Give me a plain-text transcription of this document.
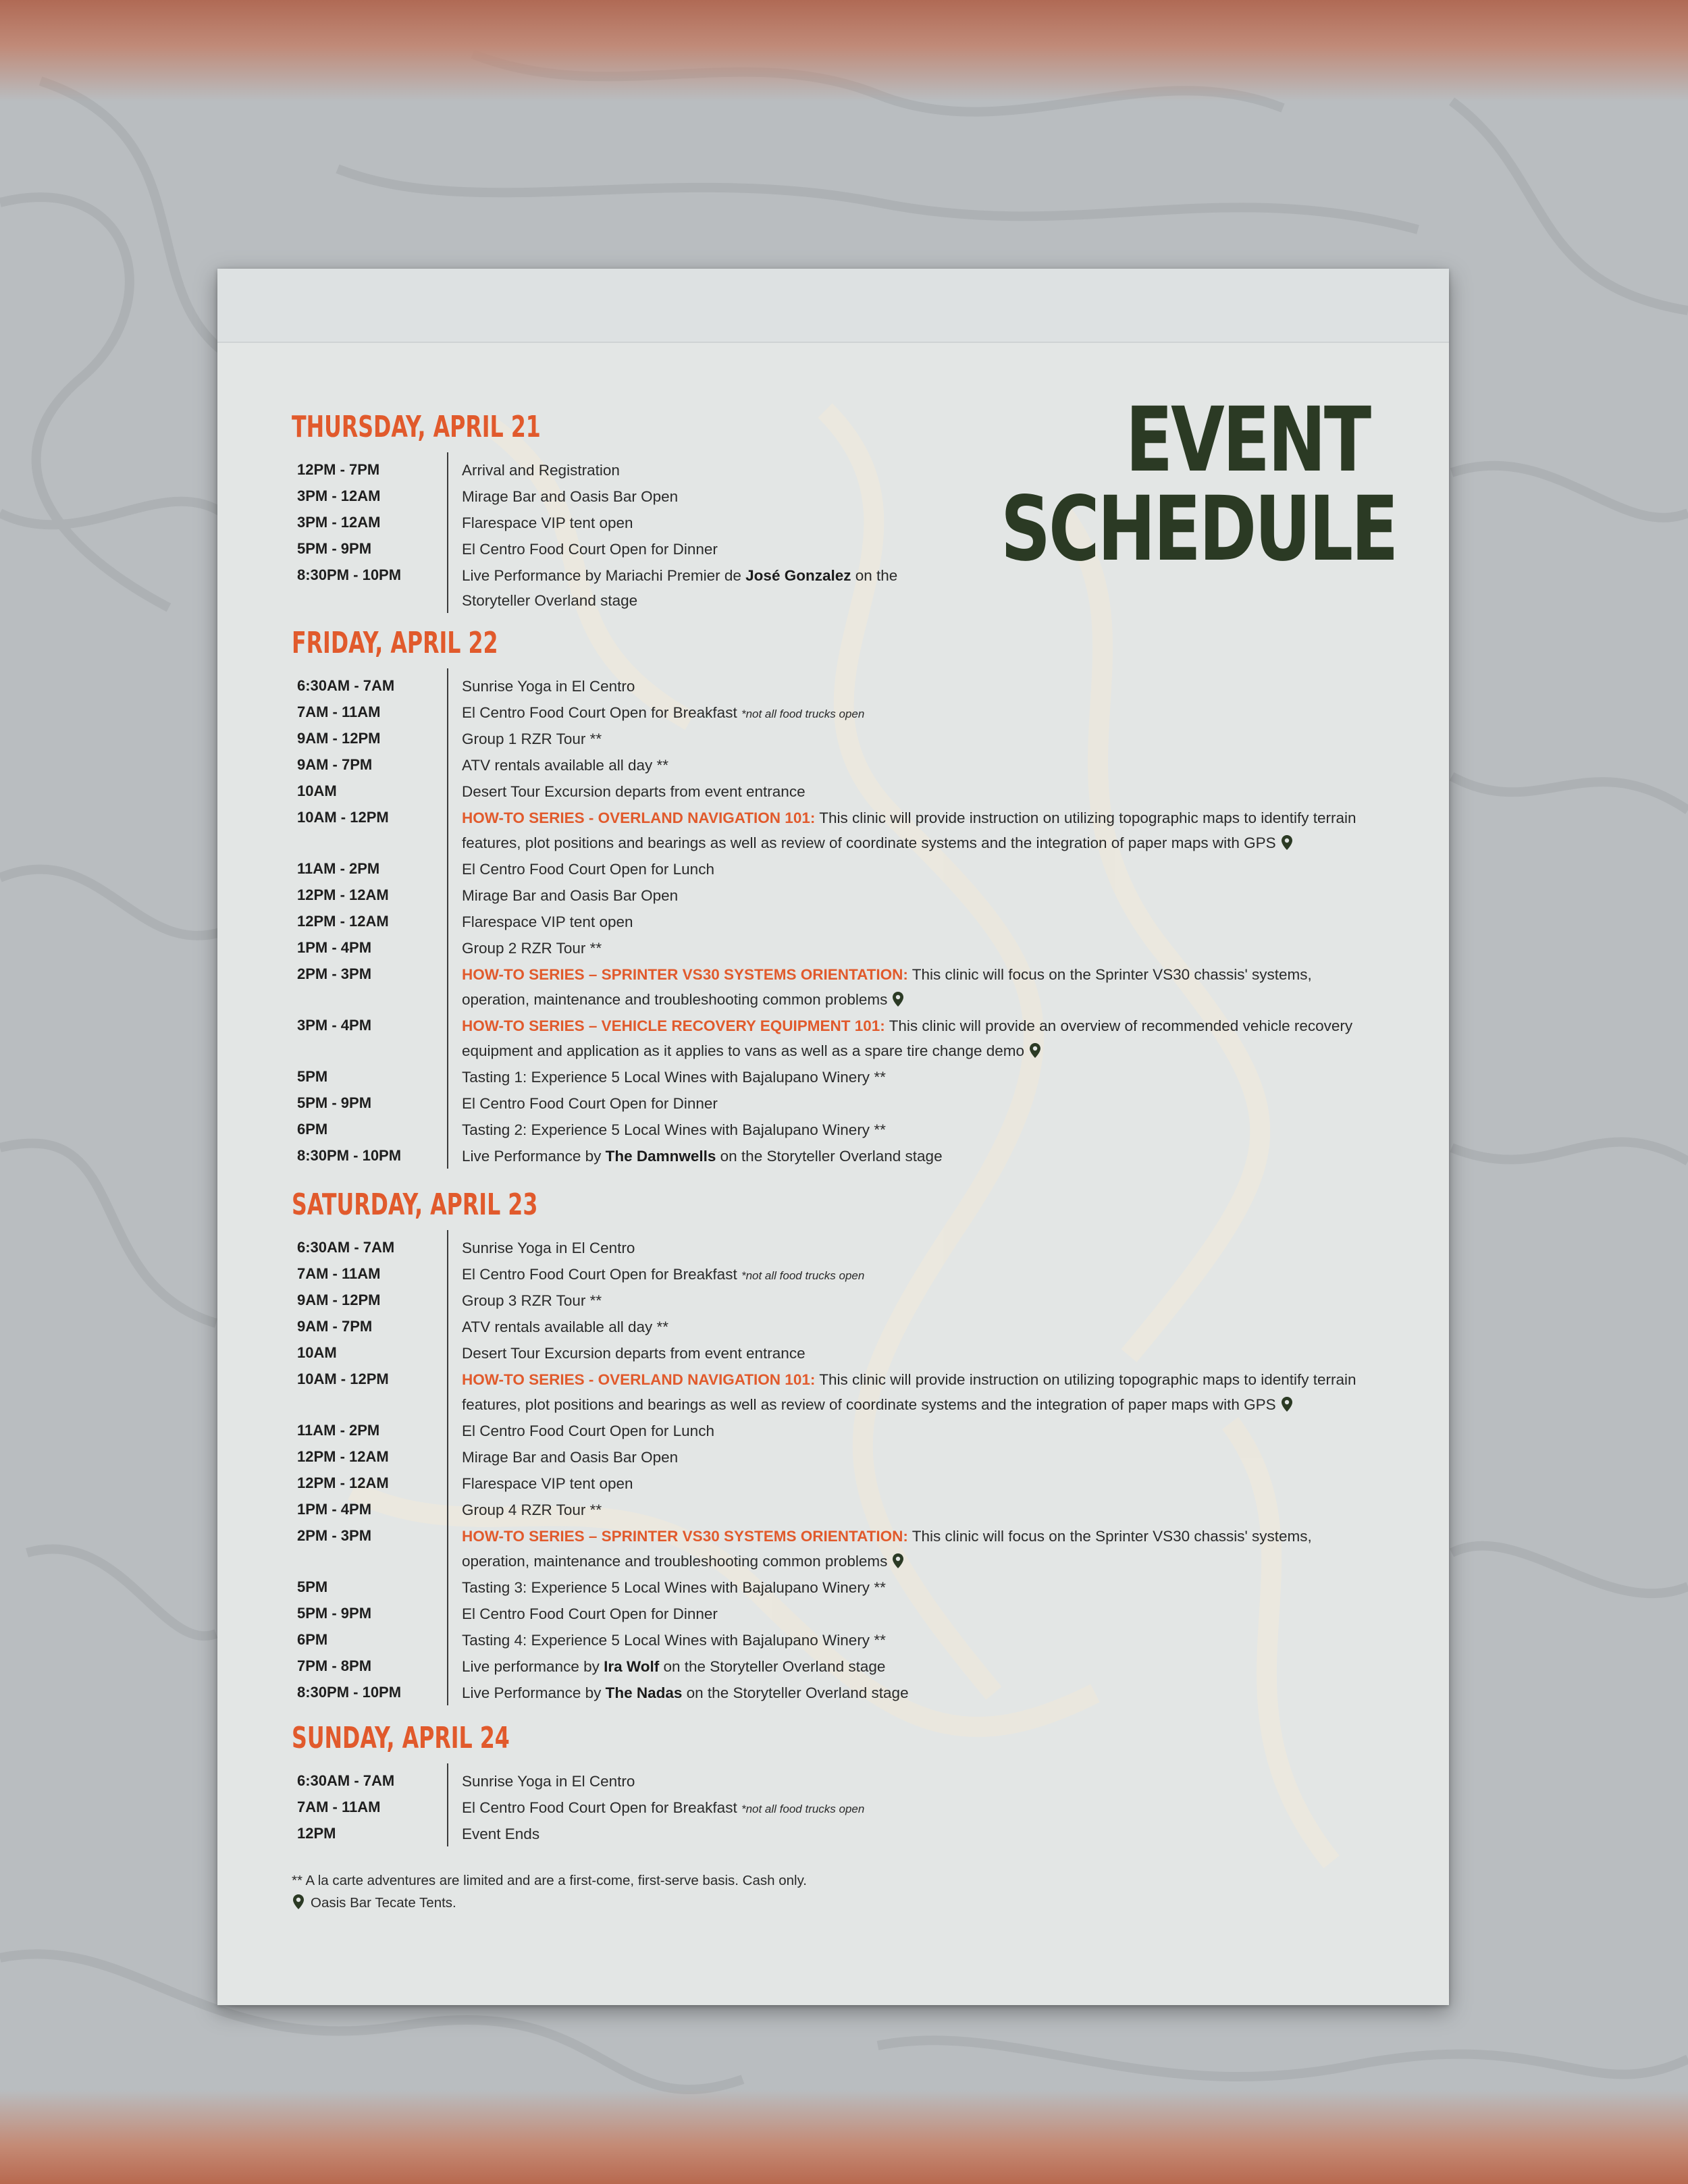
EVENT
SCHEDULE
THURSDAY, APRIL 21
12PM - 7PM	Arrival and Registration
3PM - 12AM	Mirage Bar and Oasis Bar Open
3PM - 12AM	Flarespace VIP tent open
5PM - 9PM	El Centro Food Court Open for Dinner
8:30PM - 10PM	Live Performance by Mariachi Premier de José Gonzalez on the
Storyteller Overland stage
FRIDAY, APRIL 22
6:30AM - 7AM	Sunrise Yoga in El Centro
7AM - 11AM	El Centro Food Court Open for Breakfast *not all food trucks open
9AM - 12PM	Group 1 RZR Tour **
9AM - 7PM	ATV rentals available all day **
10AM	Desert Tour Excursion departs from event entrance
10AM - 12PM	HOW-TO SERIES - OVERLAND NAVIGATION 101: This clinic will provide instruction on utilizing topographic maps to identify terrain features, plot positions and bearings as well as review of coordinate systems and the integration of paper maps with GPS
11AM - 2PM	El Centro Food Court Open for Lunch
12PM - 12AM	Mirage Bar and Oasis Bar Open
12PM - 12AM	Flarespace VIP tent open
1PM - 4PM	Group 2 RZR Tour **
2PM - 3PM	HOW-TO SERIES – SPRINTER VS30 SYSTEMS ORIENTATION: This clinic will focus on the Sprinter VS30 chassis' systems, operation, maintenance and troubleshooting common problems
3PM - 4PM	HOW-TO SERIES – VEHICLE RECOVERY EQUIPMENT 101: This clinic will provide an overview of recommended vehicle recovery equipment and application as it applies to vans as well as a spare tire change demo
5PM	Tasting 1: Experience 5 Local Wines with Bajalupano Winery **
5PM - 9PM	El Centro Food Court Open for Dinner
6PM	Tasting 2: Experience 5 Local Wines with Bajalupano Winery **
8:30PM - 10PM	Live Performance by The Damnwells on the Storyteller Overland stage
SATURDAY, APRIL 23
6:30AM - 7AM	Sunrise Yoga in El Centro
7AM - 11AM	El Centro Food Court Open for Breakfast *not all food trucks open
9AM - 12PM	Group 3 RZR Tour **
9AM - 7PM	ATV rentals available all day **
10AM	Desert Tour Excursion departs from event entrance
10AM - 12PM	HOW-TO SERIES - OVERLAND NAVIGATION 101: This clinic will provide instruction on utilizing topographic maps to identify terrain features, plot positions and bearings as well as review of coordinate systems and the integration of paper maps with GPS
11AM - 2PM	El Centro Food Court Open for Lunch
12PM - 12AM	Mirage Bar and Oasis Bar Open
12PM - 12AM	Flarespace VIP tent open
1PM - 4PM	Group 4 RZR Tour **
2PM - 3PM	HOW-TO SERIES – SPRINTER VS30 SYSTEMS ORIENTATION: This clinic will focus on the Sprinter VS30 chassis' systems, operation, maintenance and troubleshooting common problems
5PM	Tasting 3: Experience 5 Local Wines with Bajalupano Winery **
5PM - 9PM	El Centro Food Court Open for Dinner
6PM	Tasting 4: Experience 5 Local Wines with Bajalupano Winery **
7PM - 8PM	Live performance by Ira Wolf on the Storyteller Overland stage
8:30PM - 10PM	Live Performance by The Nadas on the Storyteller Overland stage
SUNDAY, APRIL 24
6:30AM - 7AM	Sunrise Yoga in El Centro
7AM - 11AM	El Centro Food Court Open for Breakfast *not all food trucks open
12PM	Event Ends
** A la carte adventures are limited and are a first-come, first-serve basis. Cash only.
Oasis Bar Tecate Tents.
